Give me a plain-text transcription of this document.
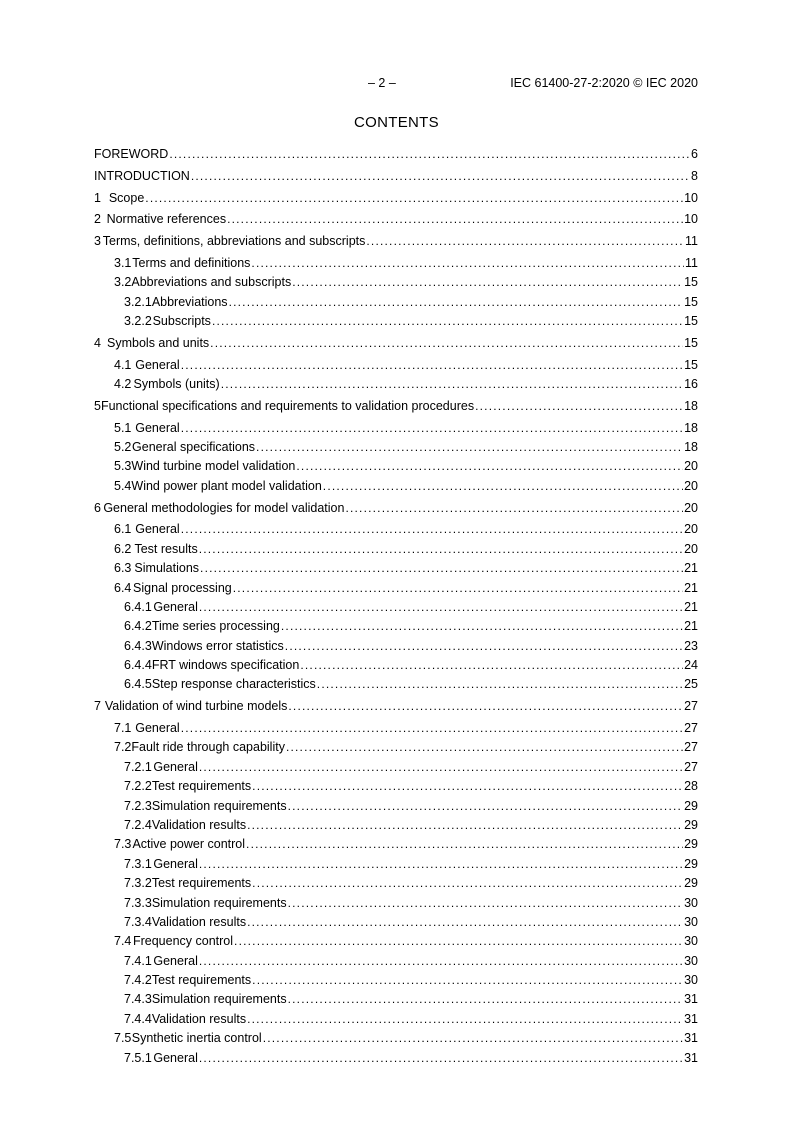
– 2 –	IEC 61400-27-2:2020 © IEC 2020
CONTENTS
FOREWORD .....	6
INTRODUCTION .....	8
1 Scope .....	10
2 Normative references .....	10
3 Terms, definitions, abbreviations and subscripts .....	11
3.1 Terms and definitions .....	11
3.2 Abbreviations and subscripts .....	15
3.2.1 Abbreviations .....	15
3.2.2 Subscripts .....	15
4 Symbols and units .....	15
4.1 General .....	15
4.2 Symbols (units) .....	16
5 Functional specifications and requirements to validation procedures .....	18
5.1 General .....	18
5.2 General specifications .....	18
5.3 Wind turbine model validation .....	20
5.4 Wind power plant model validation .....	20
6 General methodologies for model validation .....	20
6.1 General .....	20
6.2 Test results .....	20
6.3 Simulations .....	21
6.4 Signal processing .....	21
6.4.1 General .....	21
6.4.2 Time series processing .....	21
6.4.3 Windows error statistics .....	23
6.4.4 FRT windows specification .....	24
6.4.5 Step response characteristics .....	25
7 Validation of wind turbine models .....	27
7.1 General .....	27
7.2 Fault ride through capability .....	27
7.2.1 General .....	27
7.2.2 Test requirements .....	28
7.2.3 Simulation requirements .....	29
7.2.4 Validation results .....	29
7.3 Active power control .....	29
7.3.1 General .....	29
7.3.2 Test requirements .....	29
7.3.3 Simulation requirements .....	30
7.3.4 Validation results .....	30
7.4 Frequency control .....	30
7.4.1 General .....	30
7.4.2 Test requirements .....	30
7.4.3 Simulation requirements .....	31
7.4.4 Validation results .....	31
7.5 Synthetic inertia control .....	31
7.5.1 General .....	31
